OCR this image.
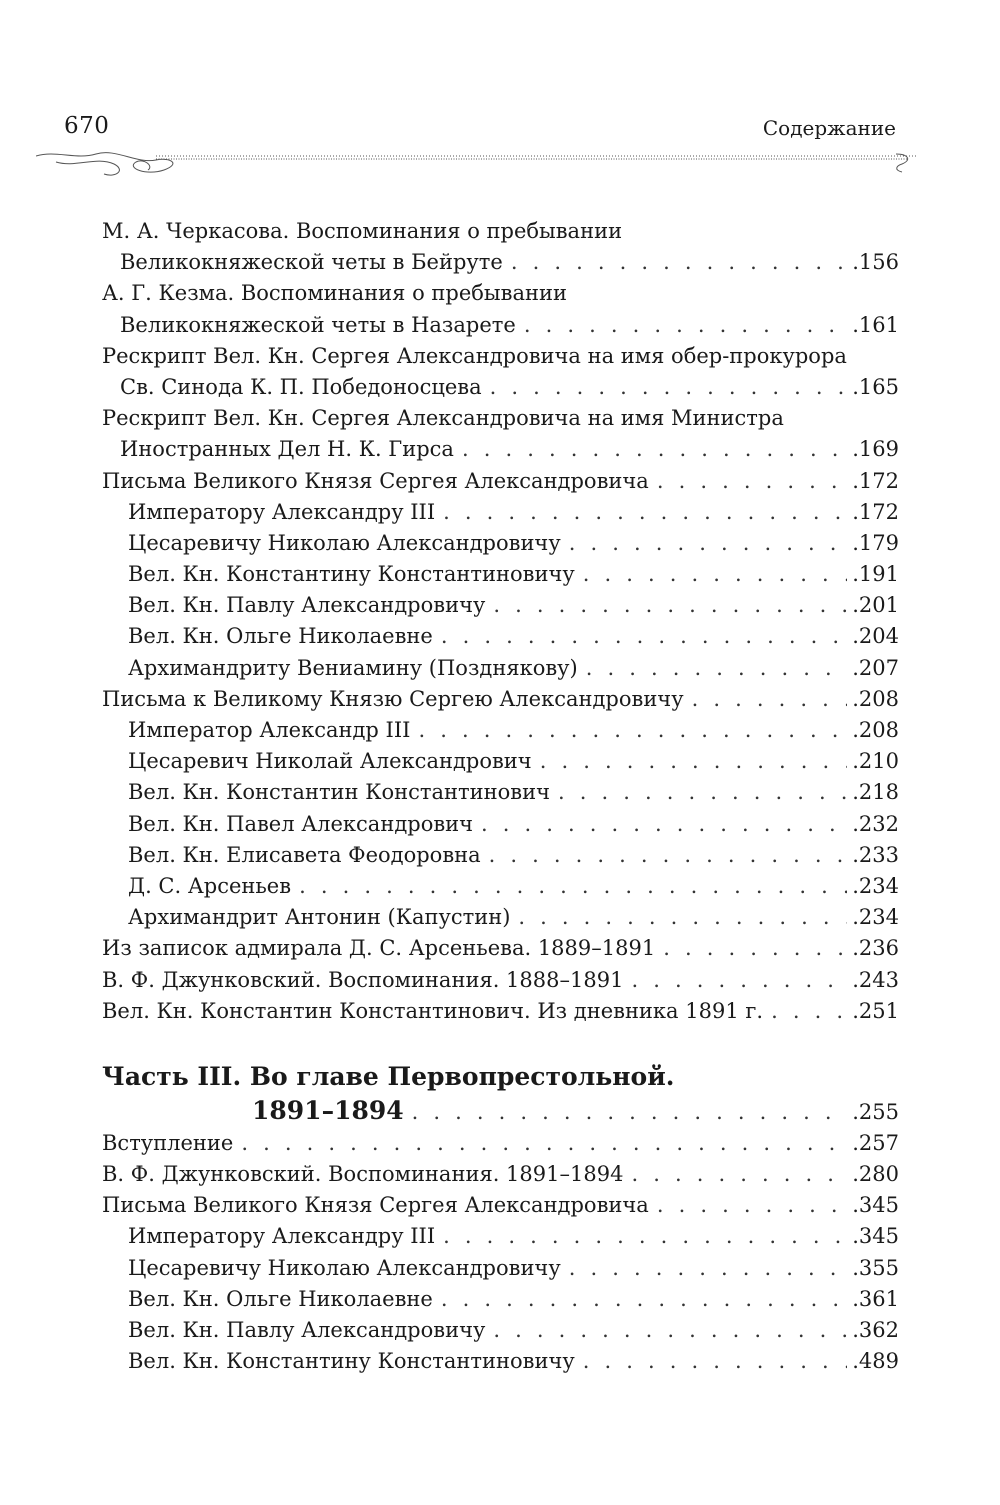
670	Содержание
М. А. Черкасова. Воспоминания о пребывании
Великокняжеской четы в Бейруте . . .	.156
А. Г. Кезма. Воспоминания о пребывании
Великокняжеской четы в Назарете . . .	.161
Рескрипт Вел. Кн. Сергея Александровича на имя обер-прокурора
Св. Синода К. П. Победоносцева . . .	.165
Рескрипт Вел. Кн. Сергея Александровича на имя Министра
Иностранных Дел Н. К. Гирса . . .	.169
Письма Великого Князя Сергея Александровича . . .	.172
Императору Александру III . . .	.172
Цесаревичу Николаю Александровичу . . .	.179
Вел. Кн. Константину Константиновичу . . .	.191
Вел. Кн. Павлу Александровичу . . .	.201
Вел. Кн. Ольге Николаевне . . .	.204
Архимандриту Вениамину (Позднякову) . . .	.207
Письма к Великому Князю Сергею Александровичу . . .	.208
Император Александр III . . .	.208
Цесаревич Николай Александрович . . .	.210
Вел. Кн. Константин Константинович . . .	.218
Вел. Кн. Павел Александрович . . .	.232
Вел. Кн. Елисавета Феодоровна . . .	.233
Д. С. Арсеньев . . .	.234
Архимандрит Антонин (Капустин) . . .	.234
Из записок адмирала Д. С. Арсеньева. 1889–1891 . . .	.236
В. Ф. Джунковский. Воспоминания. 1888–1891 . . .	.243
Вел. Кн. Константин Константинович. Из дневника 1891 г. . . .	.251
Часть III. Во главе Первопрестольной.
1891–1894 . . .	.255
Вступление . . .	.257
В. Ф. Джунковский. Воспоминания. 1891–1894 . . .	.280
Письма Великого Князя Сергея Александровича . . .	.345
Императору Александру III . . .	.345
Цесаревичу Николаю Александровичу . . .	.355
Вел. Кн. Ольге Николаевне . . .	.361
Вел. Кн. Павлу Александровичу . . .	.362
Вел. Кн. Константину Константиновичу . . .	.489
